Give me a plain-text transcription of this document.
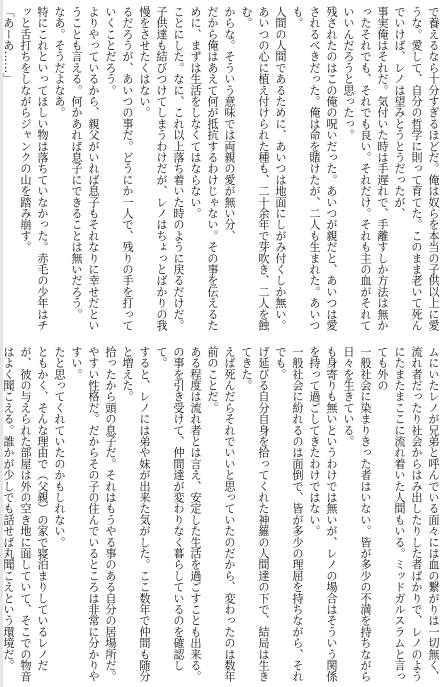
で養えるなら十分すぎるほどだ。俺は奴らを本当の子供以上に愛うな。愛して、自分の哲学に則って育てた。このまま老いて死んでいけば、レノは望みとうとうだったが、

事実俺はそれだ。気付いた時は手遅れで、手離すしか方法は無かったそれでも、それでも良い。それだけ。それも主の血がそれていいんだろうと思ったっ。

残されたのはこの俺の呪いだった。あいつが親だと、あいつは愛されるべきだった。俺は命を賭けたが、二人も生まれた。あいつも。

人間の人間であるために、あいつは地面にしがみ付くしか無い。あいつの心に植え付けられた種も、二十余年で芽吹き、二人を蝕む。

からな。そういう意味では両親の愛が無い分、

だから俺はあえて何が抵抗するわけじゃない。その事を伝えるために、まずは生活をしなくてはならない。

ことにした。なに、これ以上落ち着いた時のように戻るだけだ。子供達も結びつけてしまうわけだが、レノはちょっとばかりの我慢をさせたくはない。

るだろうが、あいつの事だ。どうにか一人で、残りの手を打っていくことだろう。

よりやっているから、親父がいれば息子もそれなりに幸せだということも言える。何かあれば息子にできることは無いだろう。

なあ。そうだよなあ。

特にこれといってほしい物は落ちていなかった。赤毛の少年はチッと舌打ちをしながらジャンクの山を踏み崩す。

「あーあ……」

ムにいたレノが兄弟と呼んでいる面々には血の繋がりは一切無く、流れ者だったり社会からはみ出したりした者ばかりで、レノのようにたまたまここに流れ着いた人間もいる。ミッドガルスラムと言っても外の

一般社会に染まりきった者はいない。皆が多少の不満を持ちながら日々を生きている。

も身寄りも無いというわけでは無いが、レノの場合はそういう関係を持って過ごしてきたわけではない。

一般社会に紛れるのは面倒で、皆が多少の理屈を持ちながら、それでも。

げ延びる自分自身を拾ってくれた神羅の人間達の下で、結局は生きてきた。

えば死んだらそれでいいと思っていたのだから、変わったのは数年前のことだ。

ある程度は流れ者とは言え、安定した生活を過ごすことも出来る。

の事を引き受けて、仲間達が変わりなく暮らしているのを確認して。

すると、レノには弟や妹が出来た気がした。ここ数年で仲間も随分と増えた。

拾ったから頭の息子だ。それはもうやる事のある自分の居場所だ。

やすい性格だ。だからその子の住んでいるところは非常に分かりやすい。

たと思ってくれていたのかもしれない。

ともかく、そんな理由で（父親）の家で寝泊まりしているレノだが、彼の与えられた部屋は外の空き地に面していて、そこでの物音はよく聞こえる。誰かが少しでも話せば丸聞こえという環境だ。
